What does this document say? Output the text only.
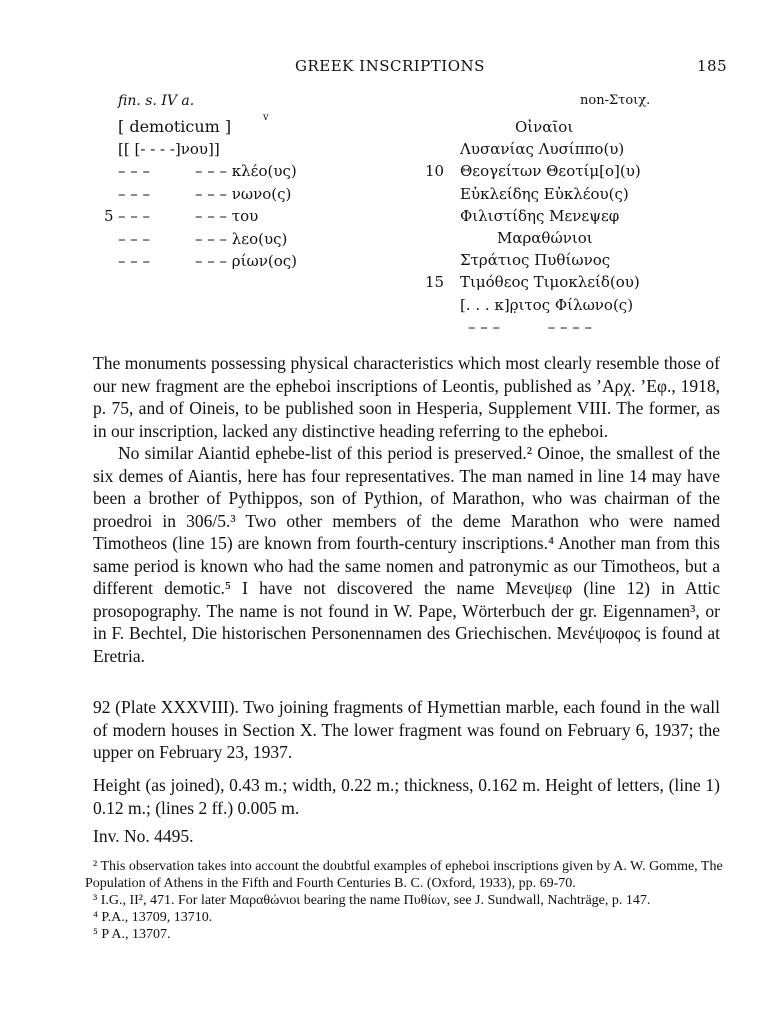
GREEK INSCRIPTIONS	185
fin. s. IV a.	non-Στοιχ.
[ demoticum ]	v
[[ [- - - -]νου]]
– – –	– – – κλέο(υς)
– – –	– – – νωνο(ς)
5 – – –	– – – του
– – –	– – – λεο(υς)
– – –	– – – ρίων(ος)
Οἰναῖοι
Λυσανίας Λυσίππο(υ)
10 Θεογείτων Θεοτίμ[ο](υ)
Εὐκλείδης Εὐκλέου(ς)
Φιλιστίδης Μενεψεφ
Μαραθώνιοι
Στράτιος Πυθίωνος
15 Τιμόθεος Τιμοκλείδ(ου)
[. . . κ]ρ̣ιτος Φίλωνο(ς)
– – –          – – – –

The monuments possessing physical characteristics which most clearly resemble those of our new fragment are the epheboi inscriptions of Leontis, published as ’Αρχ. ’Εφ., 1918, p. 75, and of Oineis, to be published soon in Hesperia, Supplement VIII. The former, as in our inscription, lacked any distinctive heading referring to the epheboi.

No similar Aiantid ephebe-list of this period is preserved.² Oinoe, the smallest of the six demes of Aiantis, here has four representatives. The man named in line 14 may have been a brother of Pythippos, son of Pythion, of Marathon, who was chairman of the proedroi in 306/5.³ Two other members of the deme Marathon who were named Timotheos (line 15) are known from fourth-century inscriptions.⁴ Another man from this same period is known who had the same nomen and patronymic as our Timotheos, but a different demotic.⁵ I have not discovered the name Μενεψεφ (line 12) in Attic prosopography. The name is not found in W. Pape, Wörterbuch der gr. Eigennamen³, or in F. Bechtel, Die historischen Personennamen des Griechischen. Μενέψοφος is found at Eretria.

92 (Plate XXXVIII). Two joining fragments of Hymettian marble, each found in the wall of modern houses in Section X. The lower fragment was found on February 6, 1937; the upper on February 23, 1937.

Height (as joined), 0.43 m.; width, 0.22 m.; thickness, 0.162 m. Height of letters, (line 1) 0.12 m.; (lines 2 ff.) 0.005 m.

Inv. No. 4495.

² This observation takes into account the doubtful examples of epheboi inscriptions given by A. W. Gomme, The Population of Athens in the Fifth and Fourth Centuries B. C. (Oxford, 1933), pp. 69-70.

³ I.G., II², 471. For later Μαραθώνιοι bearing the name Πυθίων, see J. Sundwall, Nachträge, p. 147.

⁴ P.A., 13709, 13710.

⁵ P A., 13707.
